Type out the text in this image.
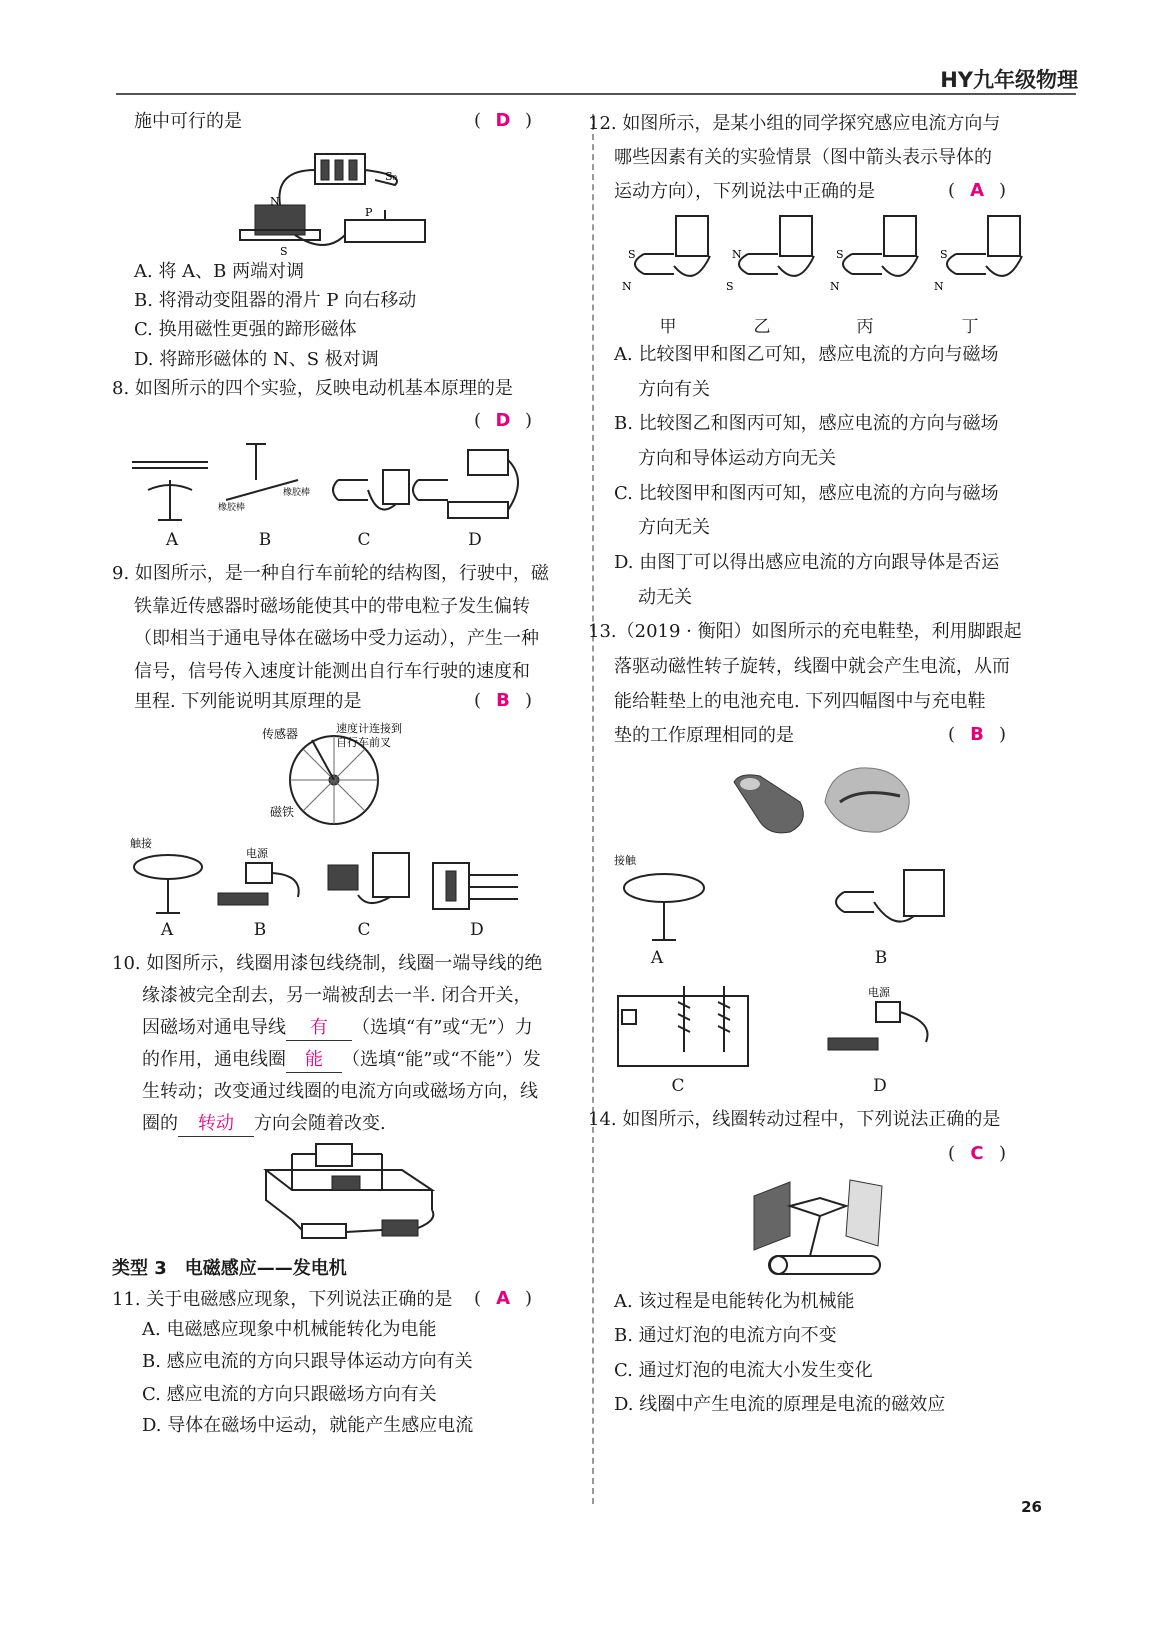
HY九年级物理
施中可行的是	( D )
N
S₀
P
S
A. 将 A、B 两端对调
B. 将滑动变阻器的滑片 P 向右移动
C. 换用磁性更强的蹄形磁体
D. 将蹄形磁体的 N、S 极对调
8. 如图所示的四个实验，反映电动机基本原理的是
( D )
橡胶棒
橡胶棒
A	B	C	D
9. 如图所示，是一种自行车前轮的结构图，行驶中，磁
铁靠近传感器时磁场能使其中的带电粒子发生偏转
（即相当于通电导体在磁场中受力运动），产生一种
信号，信号传入速度计能测出自行车行驶的速度和
里程. 下列能说明其原理的是	( B )
传感器	速度计连接到
自行车前叉
磁铁
触接
电源
A	B	C	D
10. 如图所示，线圈用漆包线绕制，线圈一端导线的绝
缘漆被完全刮去，另一端被刮去一半. 闭合开关，
因磁场对通电导线 有 （选填“有”或“无”）力
的作用，通电线圈 能 （选填“能”或“不能”）发
生转动；改变通过线圈的电流方向或磁场方向，线
圈的 转动 方向会随着改变.
类型 3　电磁感应——发电机
11. 关于电磁感应现象，下列说法正确的是 ( A )
A. 电磁感应现象中机械能转化为电能
B. 感应电流的方向只跟导体运动方向有关
C. 感应电流的方向只跟磁场方向有关
D. 导体在磁场中运动，就能产生感应电流
12. 如图所示，是某小组的同学探究感应电流方向与
哪些因素有关的实验情景（图中箭头表示导体的
运动方向），下列说法中正确的是	( A )
S
N
N
S
S
N
S
N
甲	乙	丙	丁
A. 比较图甲和图乙可知，感应电流的方向与磁场
方向有关
B. 比较图乙和图丙可知，感应电流的方向与磁场
方向和导体运动方向无关
C. 比较图甲和图丙可知，感应电流的方向与磁场
方向无关
D. 由图丁可以得出感应电流的方向跟导体是否运
动无关
13.（2019 · 衡阳）如图所示的充电鞋垫，利用脚跟起
落驱动磁性转子旋转，线圈中就会产生电流，从而
能给鞋垫上的电池充电. 下列四幅图中与充电鞋
垫的工作原理相同的是	( B )
接触
A	B
电源
C	D
14. 如图所示，线圈转动过程中，下列说法正确的是
( C )
A. 该过程是电能转化为机械能
B. 通过灯泡的电流方向不变
C. 通过灯泡的电流大小发生变化
D. 线圈中产生电流的原理是电流的磁效应
26
